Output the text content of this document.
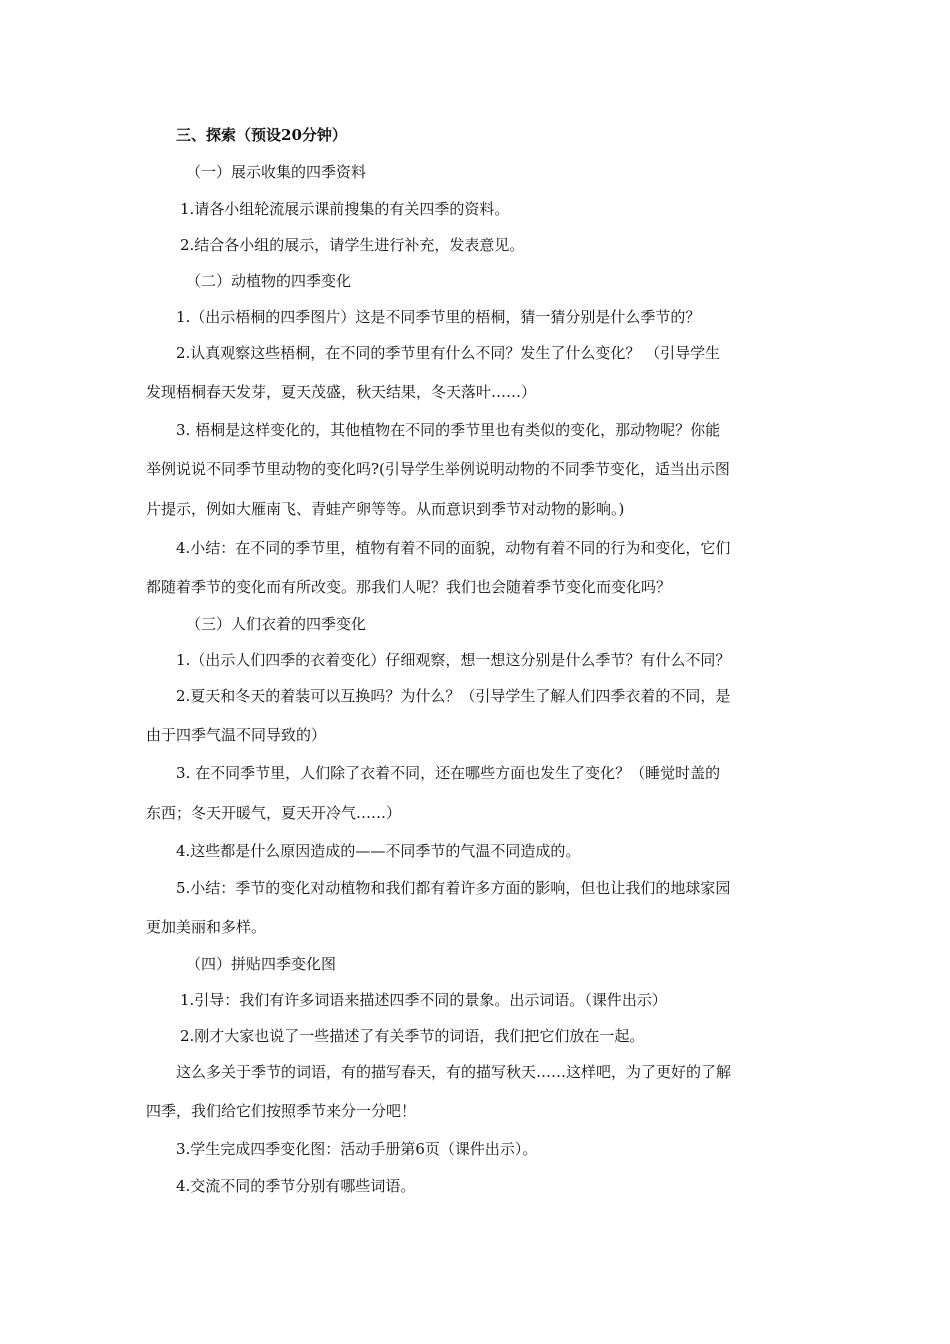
三、探索（预设20分钟）
（一）展示收集的四季资料
1.请各小组轮流展示课前搜集的有关四季的资料。
2.结合各小组的展示，请学生进行补充，发表意见。
（二）动植物的四季变化
1.（出示梧桐的四季图片）这是不同季节里的梧桐，猜一猜分别是什么季节的？
2.认真观察这些梧桐，在不同的季节里有什么不同？发生了什么变化？ （引导学生
发现梧桐春天发芽，夏天茂盛，秋天结果，冬天落叶……）
3. 梧桐是这样变化的，其他植物在不同的季节里也有类似的变化，那动物呢？你能
举例说说不同季节里动物的变化吗?(引导学生举例说明动物的不同季节变化，适当出示图
片提示，例如大雁南飞、青蛙产卵等等。从而意识到季节对动物的影响。)
4.小结：在不同的季节里，植物有着不同的面貌，动物有着不同的行为和变化，它们
都随着季节的变化而有所改变。那我们人呢？我们也会随着季节变化而变化吗？
（三）人们衣着的四季变化
1.（出示人们四季的衣着变化）仔细观察，想一想这分别是什么季节？有什么不同？
2.夏天和冬天的着装可以互换吗？为什么？（引导学生了解人们四季衣着的不同，是
由于四季气温不同导致的）
3. 在不同季节里，人们除了衣着不同，还在哪些方面也发生了变化？（睡觉时盖的
东西；冬天开暖气，夏天开冷气……）
4.这些都是什么原因造成的——不同季节的气温不同造成的。
5.小结：季节的变化对动植物和我们都有着许多方面的影响，但也让我们的地球家园
更加美丽和多样。
（四）拼贴四季变化图
1.引导：我们有许多词语来描述四季不同的景象。出示词语。（课件出示）
2.刚才大家也说了一些描述了有关季节的词语，我们把它们放在一起。
这么多关于季节的词语，有的描写春天，有的描写秋天……这样吧，为了更好的了解
四季，我们给它们按照季节来分一分吧！
3.学生完成四季变化图：活动手册第6页（课件出示）。
4.交流不同的季节分别有哪些词语。
